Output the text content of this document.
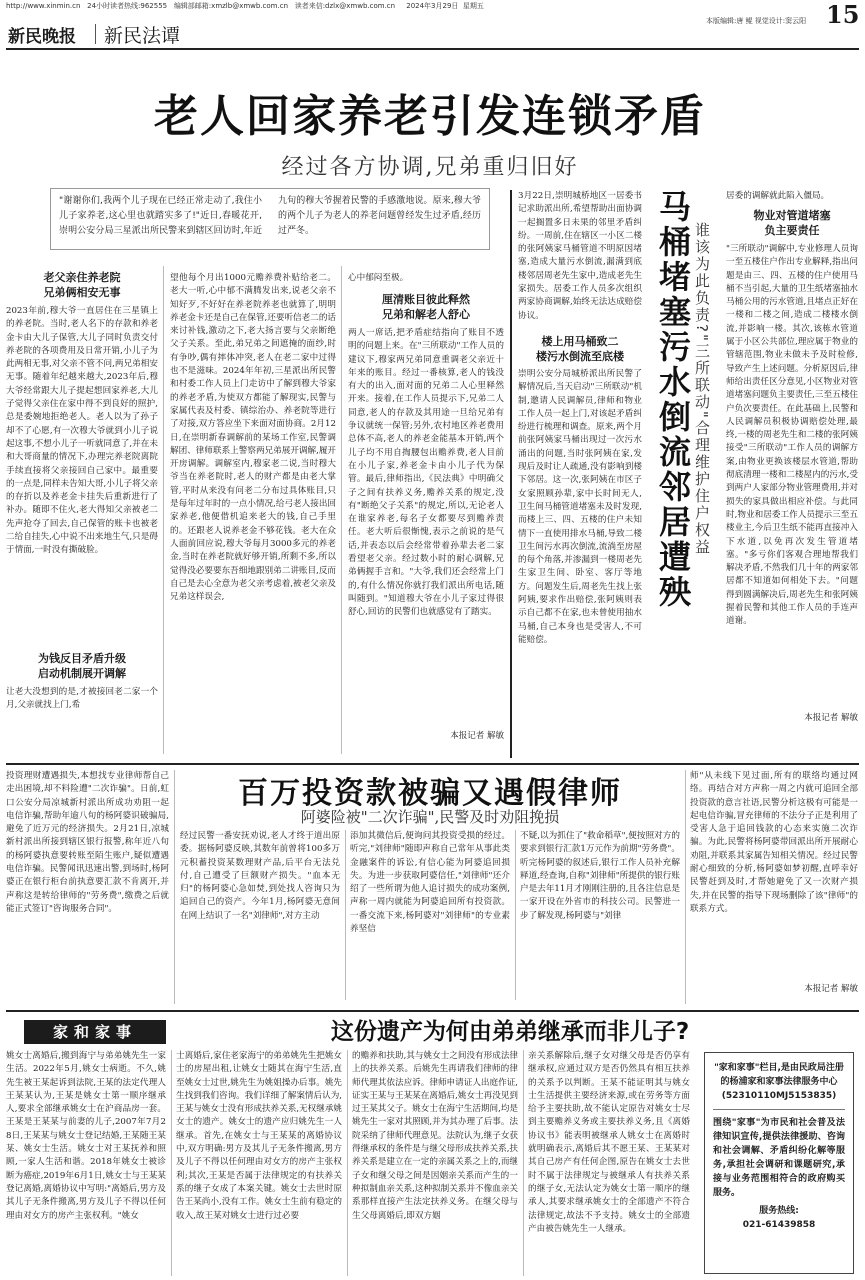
http://www.xinmin.cn 24小时读者热线:962555 编辑部邮箱:xmzlb@xmwb.com.cn 读者来信:dzlx@xmwb.com.cn 2024年3月29日 星期五
本版编辑:唐 鲲 视觉设计:窦云阳 15
新民晚报 新民法谭
老人回家养老引发连锁矛盾
经过各方协调,兄弟重归旧好
"谢谢你们,我两个儿子现在已经正常走动了,我住小儿子家养老,这心里也就踏实多了!"近日,春暖花开,崇明公安分局三星派出所民警来到辖区回访时,年近九旬的穆大爷握着民警的手感激地说。原来,穆大爷的两个儿子为老人的养老问题曾经发生过矛盾,经历过严冬。
老父亲住养老院
兄弟俩相安无事
2023年前,穆大爷一直居住在三星镇上的养老院。当时,老人名下的存款和养老金卡由大儿子保管,大儿子同时负责交付养老院的各项费用及日常开销,小儿子为此两相无事,对父亲不管不问,两兄弟相安无事。随着年纪越来越大,2023年后,穆大爷经常跟大儿子提起想回家养老,大儿子觉得父亲住在家中得不到良好的照护,总是委婉地拒绝老人。老人以为了孙子却不了心愿,有一次穆大爷就到小儿子说起这事,不想小儿子一听就同意了,并在未和大哥商量的情况下,办理完养老院离院手续直接将父亲接回自己家中。最重要的一点是,同样未告知大哥,小儿子将父亲的存折以及养老金卡挂失后重新进行了补办。随即不住火,老大得知父亲被老二先声抢夺了回去,自己保管的账卡也被老二给自挂失,心中说不出来地生气,只是碍于情面,一时没有撕破脸。
为钱反目矛盾升级
启动机制展开调解
让老大没想到的是,才被接回老二家一个月,父亲就找上门,希
望他每个月出1000元赡养费补贴给老二。老大一听,心中郁不满腾发出来,说老父亲不知好歹,不好好在养老院养老也就算了,明明养老金卡还是自己在保管,还要听信老二的话来讨补钱,激动之下,老大扬言要与父亲断绝父子关系。至此,弟兄弟之间遮掩的面纱,时有争吵,偶有摔体冲突,老人在老二家中过得也不是滋味。2024年年初,三星派出所民警和村委工作人员上门走访中了解到穆大爷家的养老矛盾,为使双方都能了解现实,民警与家属代表及村委、镇综治办、养老院等进行了对接,双方答应坐下来面对面协商。2月12日,在崇明新春调解前的某场工作室,民警调解团、律师联系上警察两兄弟展开调解,履开开房调解。调解室内,穆家老二说,当时穆大爷当在养老院时,老人的财产都是由老大掌管,平时从来没有问老二分布过具体账目,只是每年过年时的一点小情况,给弓老人接出回家养老,他便借机追来老大的钱,自己手里的。还跟老人说养老金不够花钱。老大在众人面前回应说,穆大爷每月3000多元的养老金,当时在养老院就好够开销,所剩不多,所以觉得没必要要东吾细地跟别弟二讲账目,反而自己是去心全意为老父亲考虑着,被老父亲及兄弟这样误会,
心中郁闷至极。
厘清账目彼此释然
兄弟和解老人舒心
两人一席话,把矛盾症结指向了账目不透明的问题上来。在"三所联动"工作人员的建议下,穆家两兄弟同意重调老父亲近十年来的账目。经过一番核算,老人的钱没有大的出入,面对面的兄弟二人心里释然开来。接着,在工作人员提示下,兄弟二人同意,老人的存款及其用途一旦给兄弟有争议就统一保管;另外,农村地区养老费用总体不高,老人的养老金能基本开销,两个儿子均不用自掏腰包出赡养费,老人目前在小儿子家,养老金卡由小儿子代为保管。最后,律师指出,《民法典》中明确父子之间有扶养义务,赡养关系的规定,没有"断绝父子关系"的规定,所以,无论老人在谁家养老,每名子女都要尽到赡养责任。老大听后很惭愧,表示之前说的是气话,并表态以后会经常带着孙辈去老二家看望老父亲。经过数小时的耐心调解,兄弟俩握手言和。"大爷,我们还会经常上门的,有什么情况你就打我们派出所电话,随叫随到。"知道穆大爷在小儿子家过得很舒心,回访的民警们也就感觉有了踏实。
本报记者 解敏
3月22日,崇明城桥地区一居委书记求助派出所,希望帮助出面协调一起搁置多日未果的邻里矛盾纠纷。一周前,住在辖区一小区二楼的张阿姨家马桶管道不明原因堵塞,造成大量污水倒流,漏满到底楼邻居周老先生家中,造成老先生家损失。居委工作人员多次组织两家协商调解,始终无法达成赔偿协议。
楼上用马桶致二
楼污水倒流至底楼
崇明公安分局城桥派出所民警了解情况后,当天启动"三所联动"机制,邀请人民调解员,律师和物业工作人员一起上门,对该起矛盾纠纷进行梳理和调查。原来,两个月前张阿姨家马桶出现过一次污水涌出的问题,当时张阿姨在家,发现后及时让人疏通,没有影响到楼下邻居。这一次,张阿姨在市区子女家照顾孙辈,家中长时间无人,卫生间马桶管道堵塞未及时发现,而楼上三、四、五楼的住户未知情下一直使用排水马桶,导致二楼卫生间污水再次倒流,流淌至房屋的每个角落,并渗漏到一楼周老先生家卫生间、卧室、客厅等地方。问题发生后,周老先生找上张阿姨,要求作出赔偿,张阿姨则表示自己都不在家,也未曾使用抽水马桶,自己本身也是受害人,不可能赔偿。
马桶堵塞污水倒流邻居遭殃 谁该为此负责?"三所联动"合理维护住户权益
居委的调解就此陷入僵局。
物业对管道堵塞
负主要责任
"三所联动"调解中,专业修理人员询一至五楼住户作出专业解释,指出问题是由三、四、五楼的住户使用马桶不当引起,大量的卫生纸堵塞抽水马桶公用的污水管道,且堵点正好在一楼和二楼之间,造成二楼楼水倒流,并影响一楼。其次,该栋水管道属于小区公共部位,理应属于物业的管辖范围,物业未做未予及时检修,导致产生上述问题。分析原因后,律师给出责任区分意见,小区物业对管道堵塞问题负主要责任,三至五楼住户负次要责任。在此基础上,民警和人民调解员积极协调赔偿处理,最终,一楼的周老先生和二楼的张阿姨接受"三所联动"工作人员的调解方案,由物业更换该楼层水管道,帮助彻底清理一楼和二楼屋内的污水,受到两户人家部分物业管理费用,并对损失的家具做出相应补偿。与此同时,物业和居委工作人员提示三至五楼业主,今后卫生纸不能再直接冲入下水道,以免再次发生管道堵塞。"多亏你们客观合理地帮我们解决矛盾,不然我们几十年的两家邻居都不知道如何相处下去。"问题得到圆满解决后,周老先生和张阿姨握着民警和其他工作人员的手连声道谢。
本报记者 解敏
投资理财遭遇损失,本想找专业律师帮自己走出困境,却不料险遭"二次诈骗"。日前,虹口公安分局凉城新村派出所成功劝阻一起电信诈骗,帮助年逾八旬的杨阿婆识破骗局,避免了近万元的经济损失。2月21日,凉城新村派出所接到辖区银行报警,称年近八旬的杨阿婆执意要转账至陌生账户,疑似遭遇电信诈骗。民警闻讯迅速出警,到场时,杨阿婆正在银行柜台前执意要汇款不肯离开,并声称这是转给律师的"劳务费",缴费之后就能正式签订"咨询服务合同"。
百万投资款被骗又遇假律师
阿婆险被"二次诈骗",民警及时劝阻挽损
经过民警一番安抚劝说,老人才终于道出原委。据杨阿婆反映,其数年前曾将100多万元积蓄投资某数理财产品,后平台无法兑付,自己遭受了巨额财产损失。"血本无归"的杨阿婆心急如焚,到处找人咨询只为追回自己的资产。今年1月,杨阿婆无意间在网上结识了一名"刘律师",对方主动
添加其微信后,便询问其投资受损的经过。听完,"刘律师"随即声称自己常年从事此类金融案件的诉讼,有信心能为阿婆追回损失。为进一步获取阿婆信任,"刘律师"还介绍了一些所谓为他人追讨损失的成功案例,声称一周内就能为阿婆追回所有投资款。一番交流下来,杨阿婆对"刘律师"的专业素养坚信
不疑,以为抓住了"救命稻草",便按照对方的要求到银行汇款1万元作为前期"劳务费"。听完杨阿婆的叙述后,银行工作人员补充解释道,经查询,自称"刘律师"所提供的银行账户是去年11月才刚刚注册的,且各注信息是一家开设在外省市的科技公司。民警进一步了解发现,杨阿婆与"刘律
师"从未线下见过面,所有的联络均通过网络。再结合对方声称一周之内就可追回全部投资款的意言社语,民警分析这极有可能是一起电信诈骗,冒充律师的不法分子正是利用了受害人急于追回钱款的心态来实施二次诈骗。为此,民警将杨阿婆带回派出所开展耐心劝阻,并联系其家属告知相关情况。经过民警耐心细致的分析,杨阿婆如梦初醒,直呼幸好民警赶到及时,才帮她避免了又一次财产损失,并在民警的指导下现场删除了该"律师"的联系方式。
本报记者 解敏
家和家事	这份遗产为何由弟弟继承而非儿子?
姚女士离婚后,搬到海宁与弟弟姚先生一家生活。2022年5月,姚女士病逝。不久,姚先生被王某起诉到法院,王某的法定代理人王某某认为,王某是姚女士第一顺序继承人,要求全部继承姚女士在沪商品房一套。王某是王某某与前妻的儿子,2007年7月28日,王某某与姚女士登记结婚,王某随王某某、姚女士生活。姚女士对王某抚养和照顾,一家人生活和谐。2018年姚女士被诊断为癌症,2019年6月1日,姚女士与王某某登记离婚,离婚协议中写明:"离婚后,男方及其儿子无条件搬离,男方及儿子不得以任何理由对女方的房产主张权利。"姚女
士离婚后,家住老家海宁的弟弟姚先生把姚女士的房屋出租,让姚女士随其在海宁生活,直至姚女士过世,姚先生为姚姐操办后事。姚先生找到我们咨询。我们详细了解案情后认为,王某与姚女士没有形成扶养关系,无权继承姚女士的遗产。姚女士的遗产应归姚先生一人继承。首先,在姚女士与王某某的离婚协议中,双方明确:男方及其儿子无条件搬离,男方及儿子不得以任何理由对女方的房产主张权利;其次,王某是否属于法律规定的有扶养关系的继子女成了本案关键。姚女士去世时原告王某尚小,没有工作。姚女士生前有稳定的收入,故王某对姚女士进行过必要
的赡养和扶助,其与姚女士之间没有形成法律上的扶养关系。后姚先生再请我们律师的律师代理其依法应诉。律师申请证人出庭作证,证实王某与王某某在离婚后,姚女士再没见到过王某其父子。姚女士在海宁生活期间,均是姚先生一家对其照顾,并为其办理了后事。法院采纳了律师代理意见。法院认为,继子女获得继承权的条件是与继父母形成扶养关系,扶养关系是建立在一定的亲属关系之上的,而继子女和继父母之间是因姻亲关系而产生的一种拟制血亲关系,这种拟制关系并不像血亲关系那样直接产生法定扶养义务。在继父母与生父母离婚后,即双方姻
亲关系解除后,继子女对继父母是否仍享有继承权,应通过双方是否仍然具有相互扶养的关系予以判断。王某不能证明其与姚女士生活提供主要经济来源,或在劳务等方面给予主要扶助,故不能认定原告对姚女士尽到主要赡养义务或主要扶养义务,且《离婚协议书》能表明被继承人姚女士在离婚时就明确表示,离婚后其不愿王某、王某某对其自己房产有任何企图,原告在姚女士去世时不属于法律规定与被继承人有扶养关系的继子女,无法认定为姚女士第一顺序的继承人,其要求继承姚女士的全部遗产不符合法律规定,故法不予支持。姚女士的全部遗产由被告姚先生一人继承。
"家和家事"栏目,是由民政局注册的杨浦家和家事法律服务中心(52310110MJ5153835)
围绕"家事"为市民和社会普及法律知识宣传,提供法律援助、咨询和社会调解、矛盾纠纷化解等服务,承担社会调研和课题研究,承接与业务范围相符合的政府购买服务。
服务热线:
021-61439858
